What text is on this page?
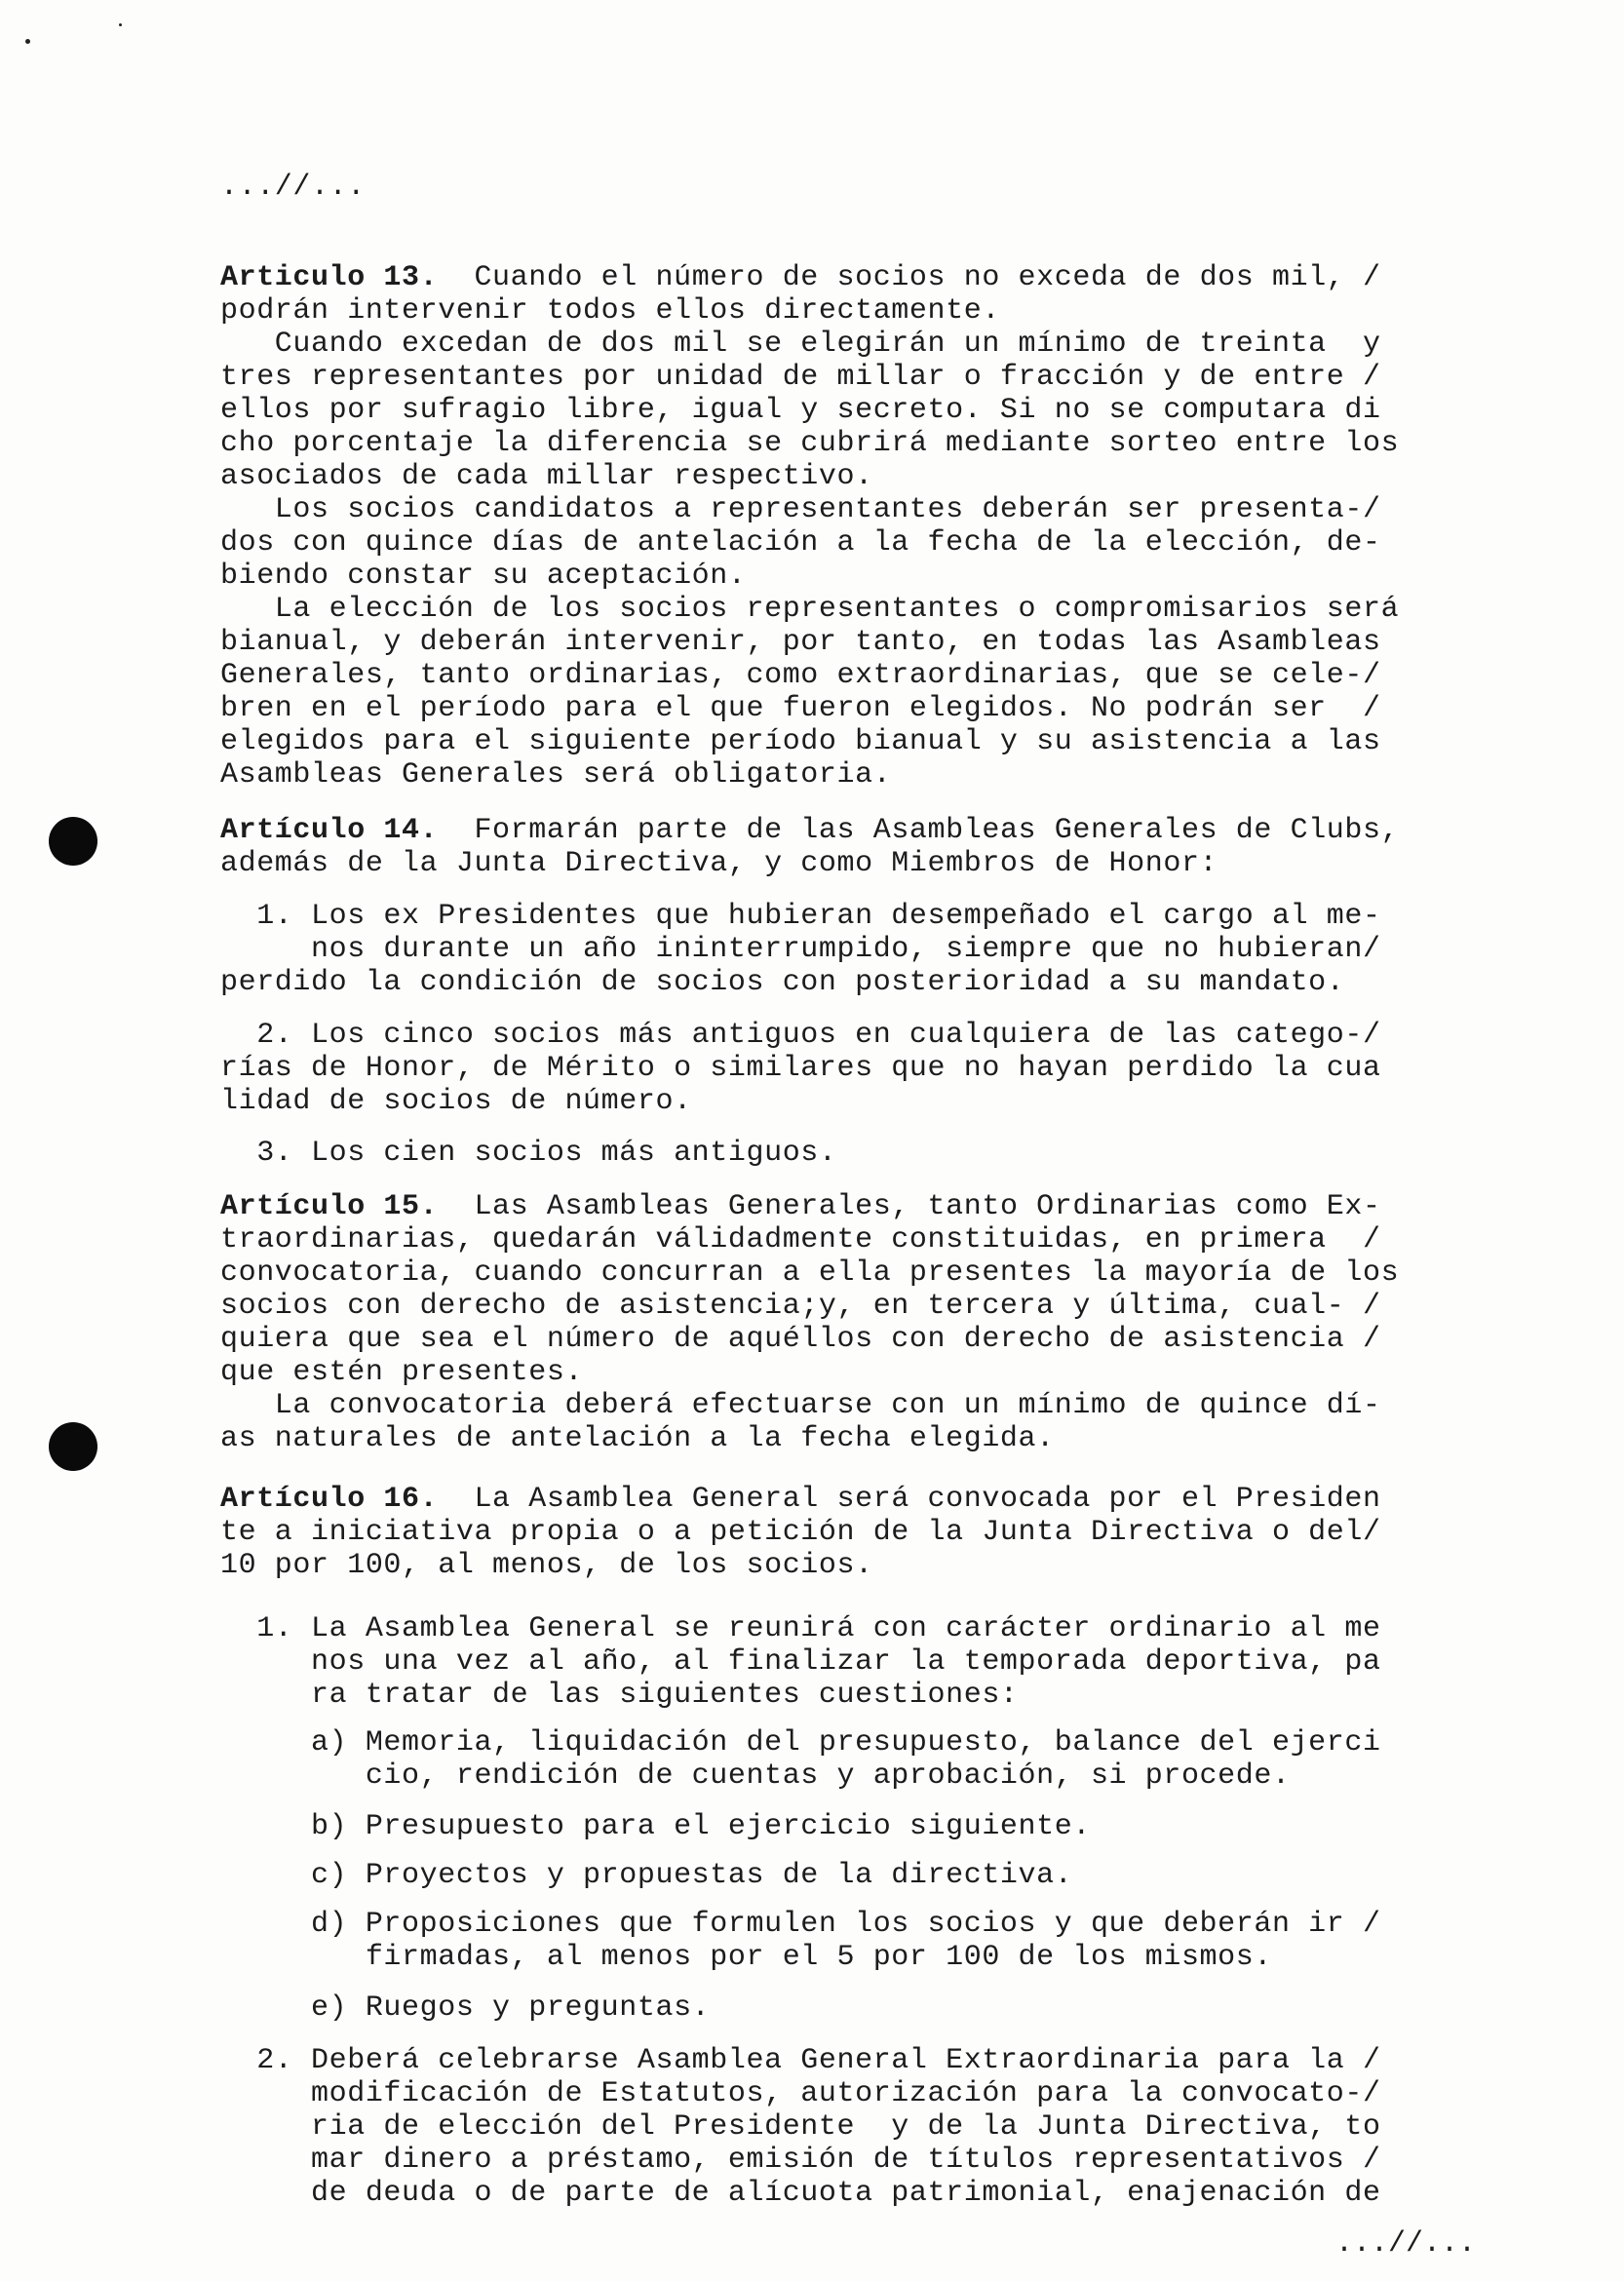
...//...
Articulo 13.  Cuando el número de socios no exceda de dos mil, /
podrán intervenir todos ellos directamente.
Cuando excedan de dos mil se elegirán un mínimo de treinta  y
tres representantes por unidad de millar o fracción y de entre /
ellos por sufragio libre, igual y secreto. Si no se computara di
cho porcentaje la diferencia se cubrirá mediante sorteo entre los
asociados de cada millar respectivo.
Los socios candidatos a representantes deberán ser presenta-/
dos con quince días de antelación a la fecha de la elección, de-
biendo constar su aceptación.
La elección de los socios representantes o compromisarios será
bianual, y deberán intervenir, por tanto, en todas las Asambleas
Generales, tanto ordinarias, como extraordinarias, que se cele-/
bren en el período para el que fueron elegidos. No podrán ser  /
elegidos para el siguiente período bianual y su asistencia a las
Asambleas Generales será obligatoria.
Artículo 14.  Formarán parte de las Asambleas Generales de Clubs,
además de la Junta Directiva, y como Miembros de Honor:
1. Los ex Presidentes que hubieran desempeñado el cargo al me-
nos durante un año ininterrumpido, siempre que no hubieran/
perdido la condición de socios con posterioridad a su mandato.
2. Los cinco socios más antiguos en cualquiera de las catego-/
rías de Honor, de Mérito o similares que no hayan perdido la cua
lidad de socios de número.
3. Los cien socios más antiguos.
Artículo 15.  Las Asambleas Generales, tanto Ordinarias como Ex-
traordinarias, quedarán válidadmente constituidas, en primera  /
convocatoria, cuando concurran a ella presentes la mayoría de los
socios con derecho de asistencia;y, en tercera y última, cual- /
quiera que sea el número de aquéllos con derecho de asistencia /
que estén presentes.
La convocatoria deberá efectuarse con un mínimo de quince dí-
as naturales de antelación a la fecha elegida.
Artículo 16.  La Asamblea General será convocada por el Presiden
te a iniciativa propia o a petición de la Junta Directiva o del/
10 por 100, al menos, de los socios.
1. La Asamblea General se reunirá con carácter ordinario al me
nos una vez al año, al finalizar la temporada deportiva, pa
ra tratar de las siguientes cuestiones:
a) Memoria, liquidación del presupuesto, balance del ejerci
cio, rendición de cuentas y aprobación, si procede.
b) Presupuesto para el ejercicio siguiente.
c) Proyectos y propuestas de la directiva.
d) Proposiciones que formulen los socios y que deberán ir /
firmadas, al menos por el 5 por 100 de los mismos.
e) Ruegos y preguntas.
2. Deberá celebrarse Asamblea General Extraordinaria para la /
modificación de Estatutos, autorización para la convocato-/
ria de elección del Presidente  y de la Junta Directiva, to
mar dinero a préstamo, emisión de títulos representativos /
de deuda o de parte de alícuota patrimonial, enajenación de
...//...
